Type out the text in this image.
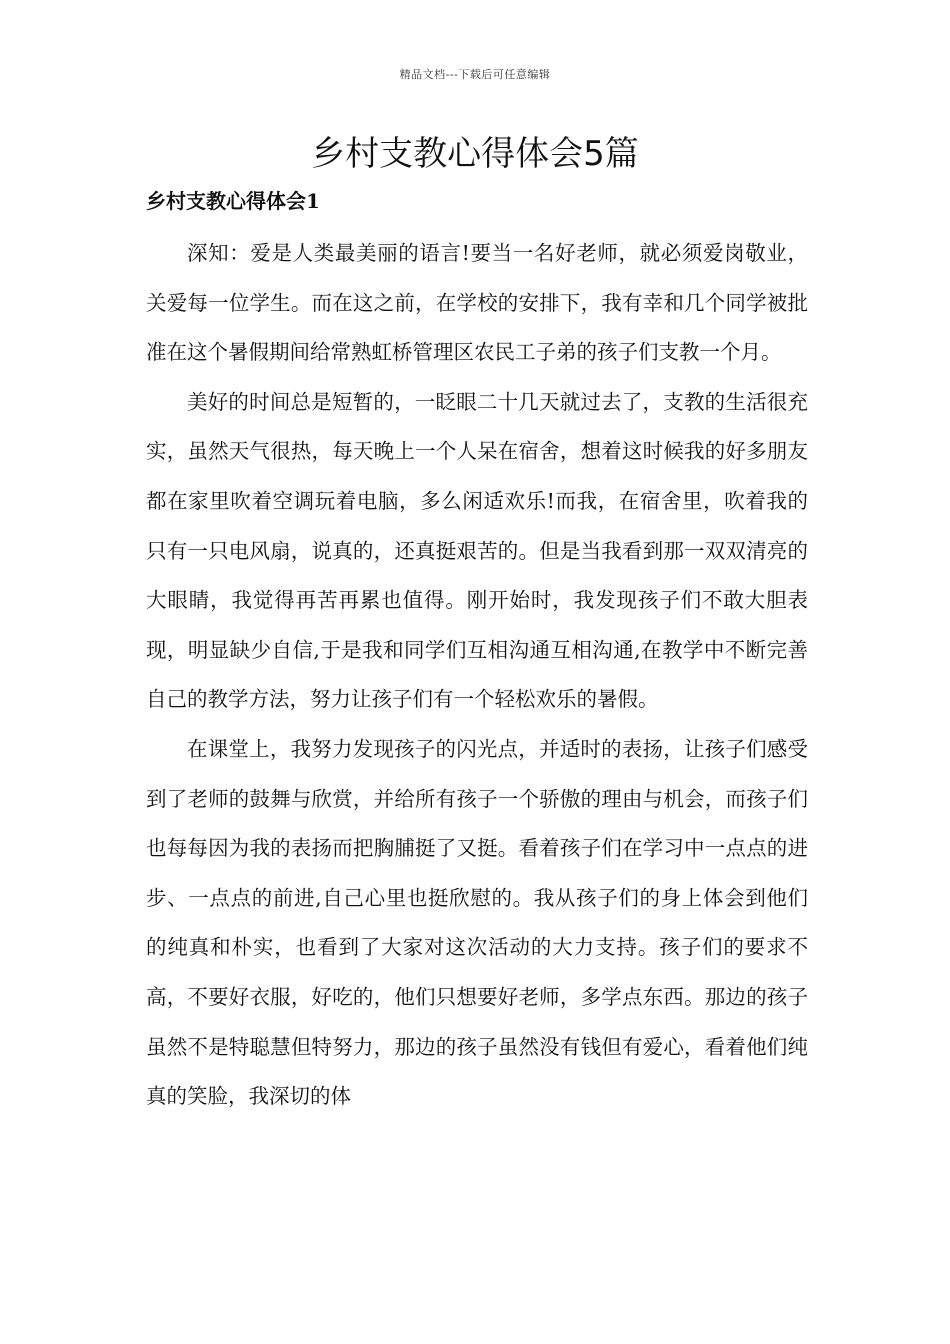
精品文档---下载后可任意编辑
乡村支教心得体会5篇
乡村支教心得体会1

深知：爱是人类最美丽的语言!要当一名好老师，就必须爱岗敬业，关爱每一位学生。而在这之前，在学校的安排下，我有幸和几个同学被批准在这个暑假期间给常熟虹桥管理区农民工子弟的孩子们支教一个月。

美好的时间总是短暂的，一眨眼二十几天就过去了，支教的生活很充实，虽然天气很热，每天晚上一个人呆在宿舍，想着这时候我的好多朋友都在家里吹着空调玩着电脑，多么闲适欢乐!而我，在宿舍里，吹着我的只有一只电风扇，说真的，还真挺艰苦的。但是当我看到那一双双清亮的大眼睛，我觉得再苦再累也值得。刚开始时，我发现孩子们不敢大胆表现，明显缺少自信,于是我和同学们互相沟通互相沟通,在教学中不断完善自己的教学方法，努力让孩子们有一个轻松欢乐的暑假。

在课堂上，我努力发现孩子的闪光点，并适时的表扬，让孩子们感受到了老师的鼓舞与欣赏，并给所有孩子一个骄傲的理由与机会，而孩子们也每每因为我的表扬而把胸脯挺了又挺。看着孩子们在学习中一点点的进步、一点点的前进,自己心里也挺欣慰的。我从孩子们的身上体会到他们的纯真和朴实，也看到了大家对这次活动的大力支持。孩子们的要求不高，不要好衣服，好吃的，他们只想要好老师，多学点东西。那边的孩子虽然不是特聪慧但特努力，那边的孩子虽然没有钱但有爱心，看着他们纯真的笑脸，我深切的体
